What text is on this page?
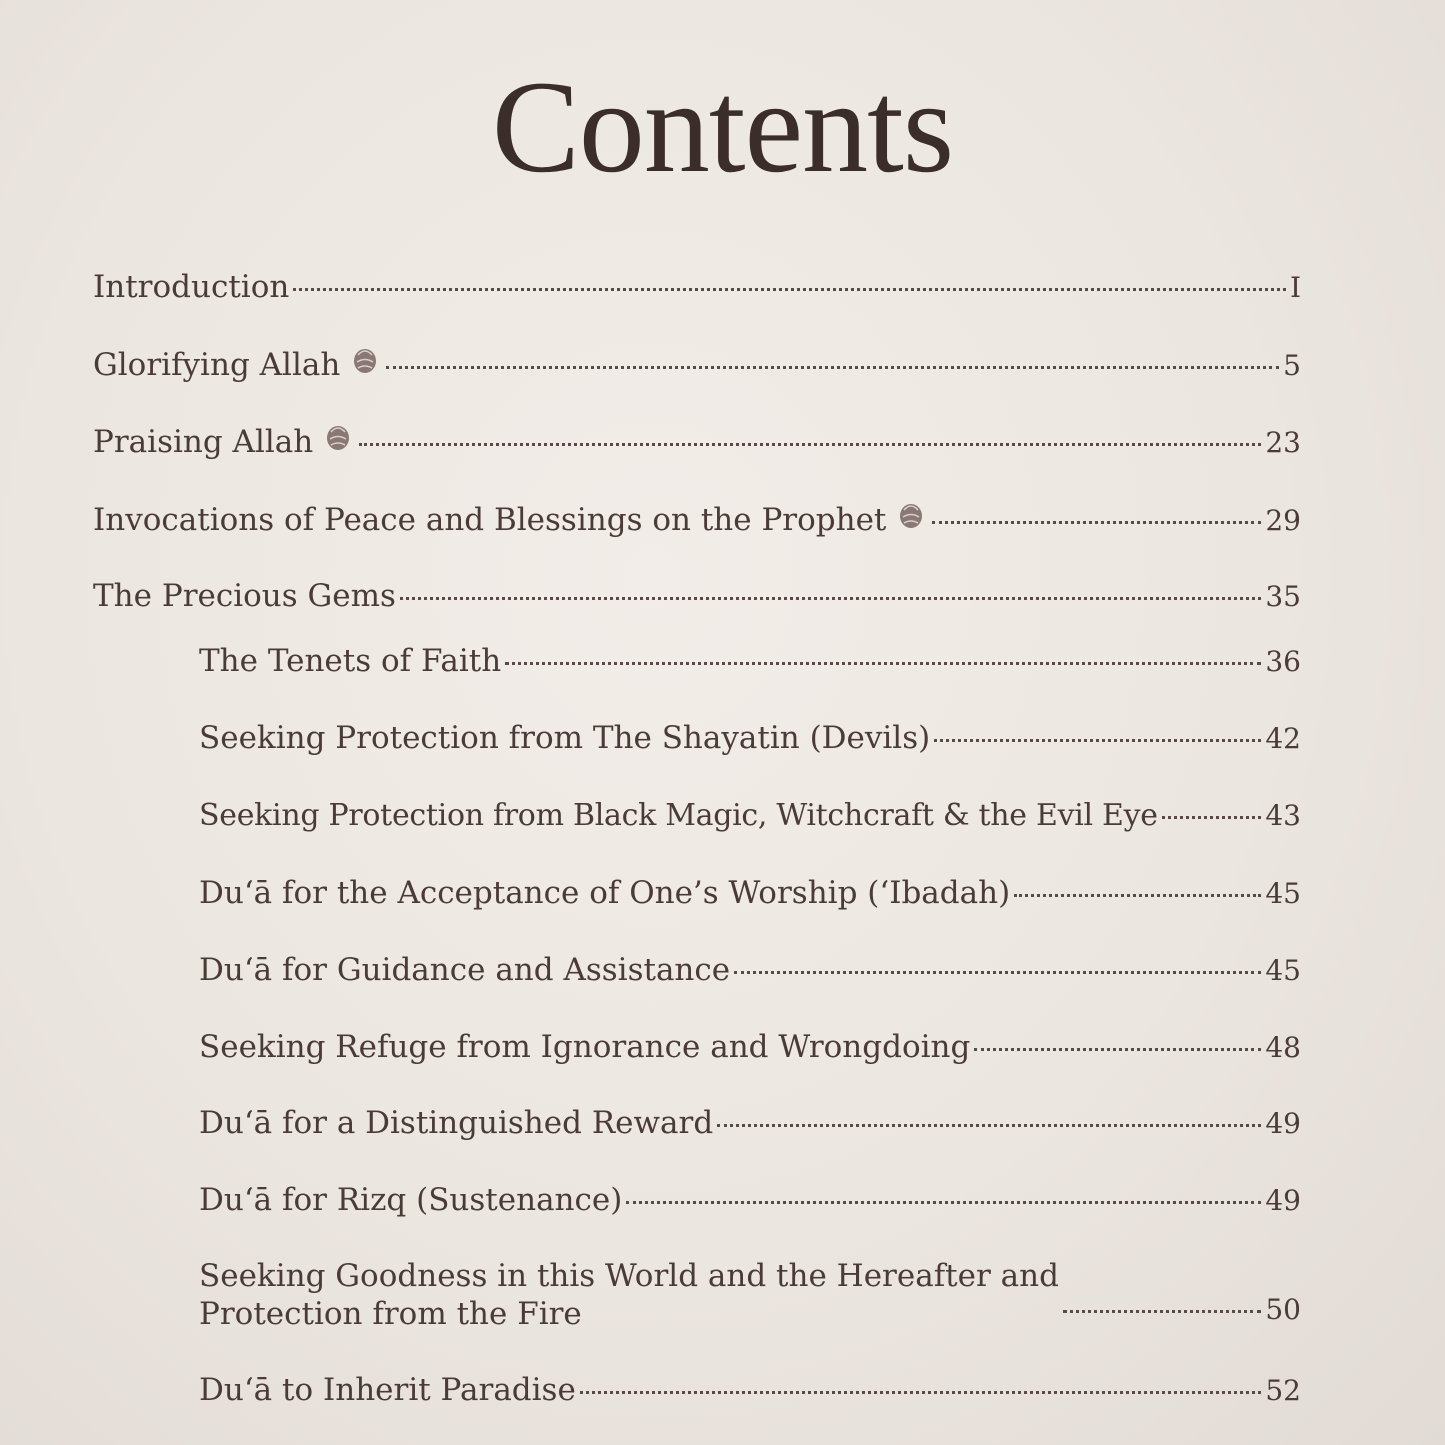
Contents
Introduction	I
Glorifying Allah	5
Praising Allah	23
Invocations of Peace and Blessings on the Prophet	29
The Precious Gems	35
The Tenets of Faith	36
Seeking Protection from The Shayatin (Devils)	42
Seeking Protection from Black Magic, Witchcraft & the Evil Eye	43
Du‘ā for the Acceptance of One’s Worship (‘Ibadah)	45
Du‘ā for Guidance and Assistance	45
Seeking Refuge from Ignorance and Wrongdoing	48
Du‘ā for a Distinguished Reward	49
Du‘ā for Rizq (Sustenance)	49
Seeking Goodness in this World and the Hereafter and
Protection from the Fire	50
Du‘ā to Inherit Paradise	52
